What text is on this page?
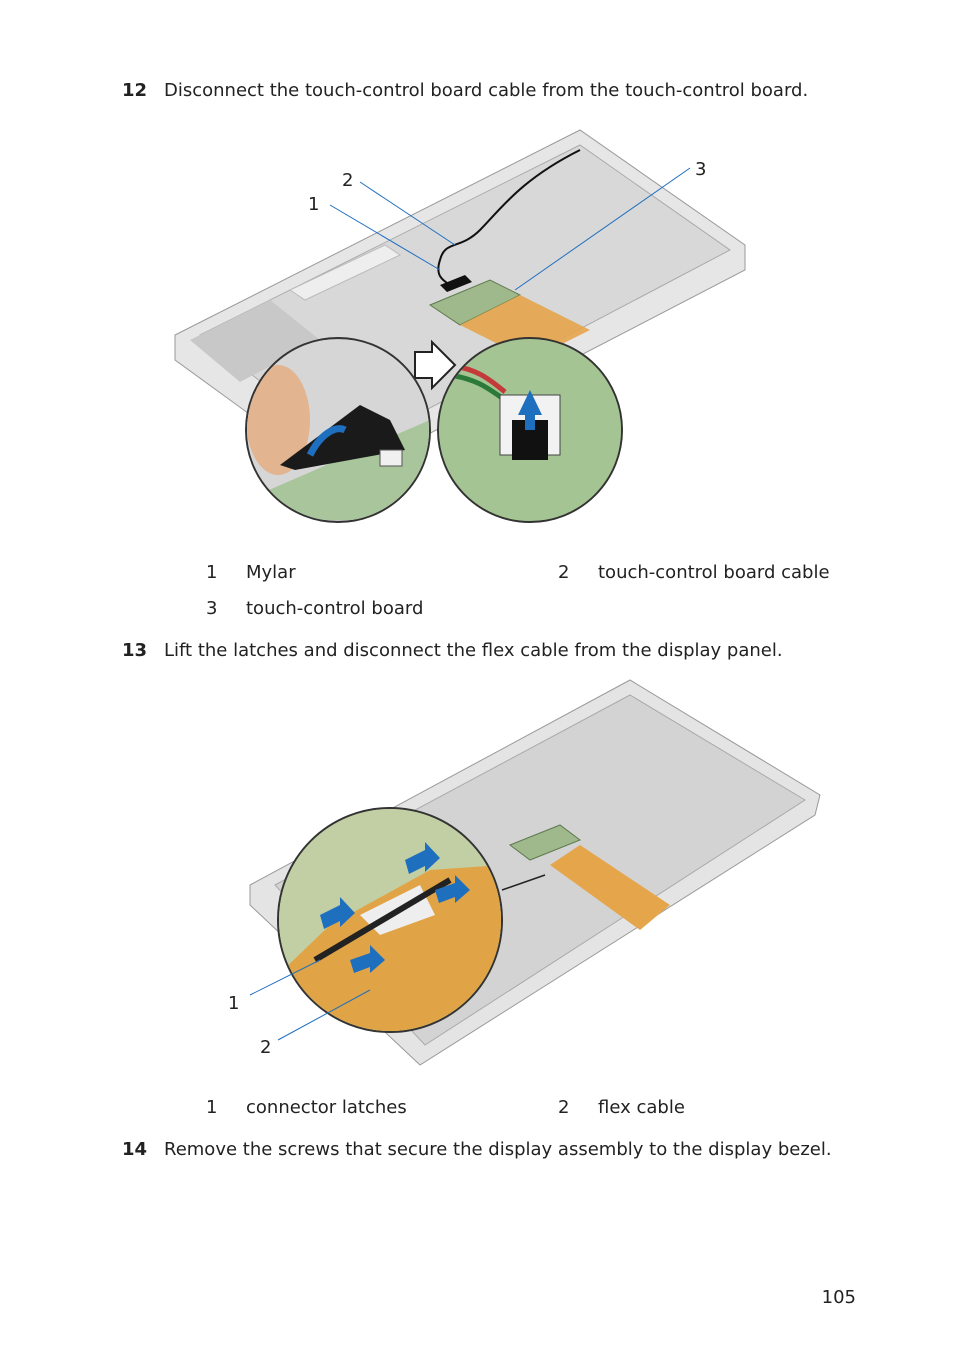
12 Disconnect the touch-control board cable from the touch-control board.
1
2
3
1 Mylar	2 touch-control board cable
3 touch-control board
13 Lift the latches and disconnect the flex cable from the display panel.
1
2
1 connector latches	2 flex cable
14 Remove the screws that secure the display assembly to the display bezel.
105
